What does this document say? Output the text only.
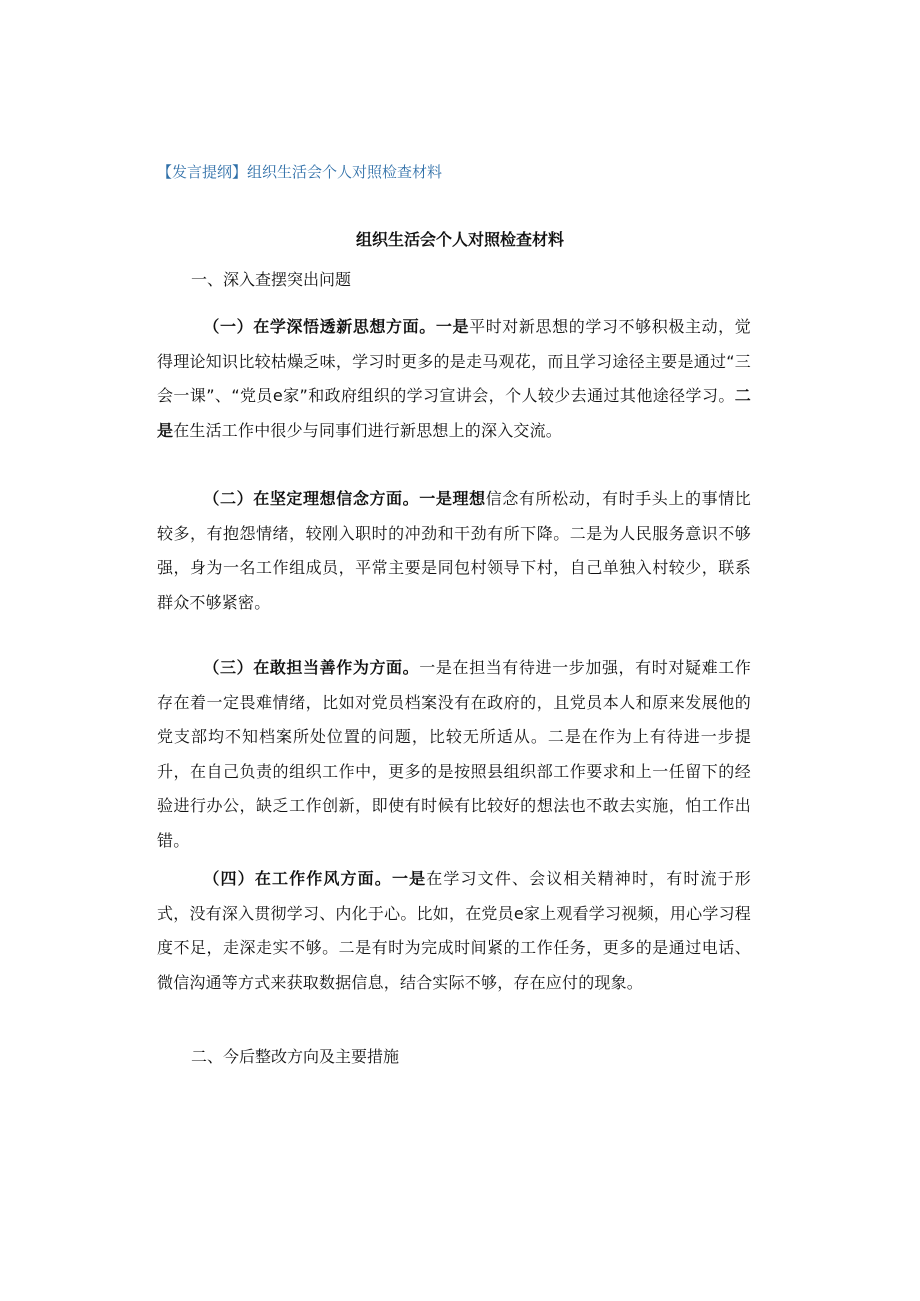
【发言提纲】组织生活会个人对照检查材料
组织生活会个人对照检查材料
一、深入查摆突出问题

（一）在学深悟透新思想方面。一是平时对新思想的学习不够积极主动，觉得理论知识比较枯燥乏味，学习时更多的是走马观花，而且学习途径主要是通过“三会一课”、“党员e家”和政府组织的学习宣讲会，个人较少去通过其他途径学习。二是在生活工作中很少与同事们进行新思想上的深入交流。

（二）在坚定理想信念方面。一是理想信念有所松动，有时手头上的事情比较多，有抱怨情绪，较刚入职时的冲劲和干劲有所下降。二是为人民服务意识不够强，身为一名工作组成员，平常主要是同包村领导下村，自己单独入村较少，联系群众不够紧密。

（三）在敢担当善作为方面。一是在担当有待进一步加强，有时对疑难工作存在着一定畏难情绪，比如对党员档案没有在政府的，且党员本人和原来发展他的党支部均不知档案所处位置的问题，比较无所适从。二是在作为上有待进一步提升，在自己负责的组织工作中，更多的是按照县组织部工作要求和上一任留下的经验进行办公，缺乏工作创新，即使有时候有比较好的想法也不敢去实施，怕工作出错。

（四）在工作作风方面。一是在学习文件、会议相关精神时，有时流于形式，没有深入贯彻学习、内化于心。比如，在党员e家上观看学习视频，用心学习程度不足，走深走实不够。二是有时为完成时间紧的工作任务，更多的是通过电话、微信沟通等方式来获取数据信息，结合实际不够，存在应付的现象。

二、今后整改方向及主要措施
